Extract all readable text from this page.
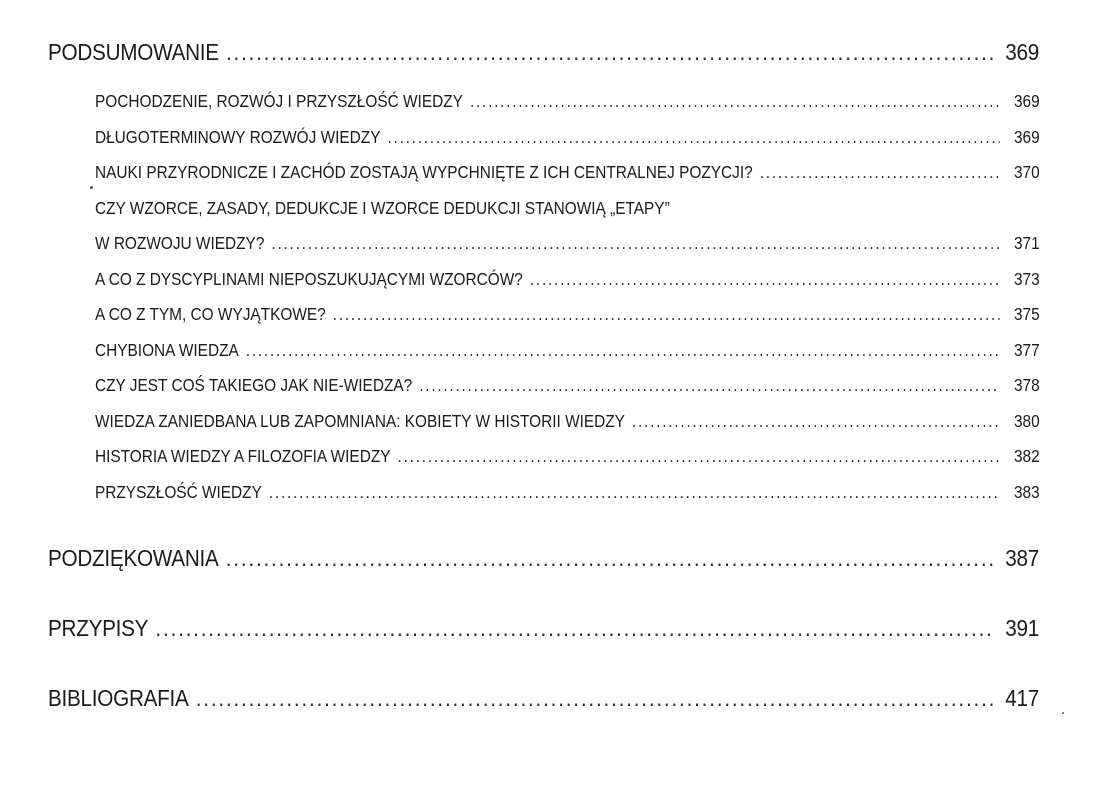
PODSUMOWANIE .....	369
POCHODZENIE, ROZWÓJ I PRZYSZŁOŚĆ WIEDZY .....	369
DŁUGOTERMINOWY ROZWÓJ WIEDZY .....	369
NAUKI PRZYRODNICZE I ZACHÓD ZOSTAJĄ WYPCHNIĘTE Z ICH CENTRALNEJ POZYCJI? .....	370
CZY WZORCE, ZASADY, DEDUKCJE I WZORCE DEDUKCJI STANOWIĄ „ETAPY”
W ROZWOJU WIEDZY? .....	371
A CO Z DYSCYPLINAMI NIEPOSZUKUJĄCYMI WZORCÓW? .....	373
A CO Z TYM, CO WYJĄTKOWE? .....	375
CHYBIONA WIEDZA .....	377
CZY JEST COŚ TAKIEGO JAK NIE-WIEDZA? .....	378
WIEDZA ZANIEDBANA LUB ZAPOMNIANA: KOBIETY W HISTORII WIEDZY .....	380
HISTORIA WIEDZY A FILOZOFIA WIEDZY .....	382
PRZYSZŁOŚĆ WIEDZY .....	383
PODZIĘKOWANIA .....	387
PRZYPISY .....	391
BIBLIOGRAFIA .....	417
